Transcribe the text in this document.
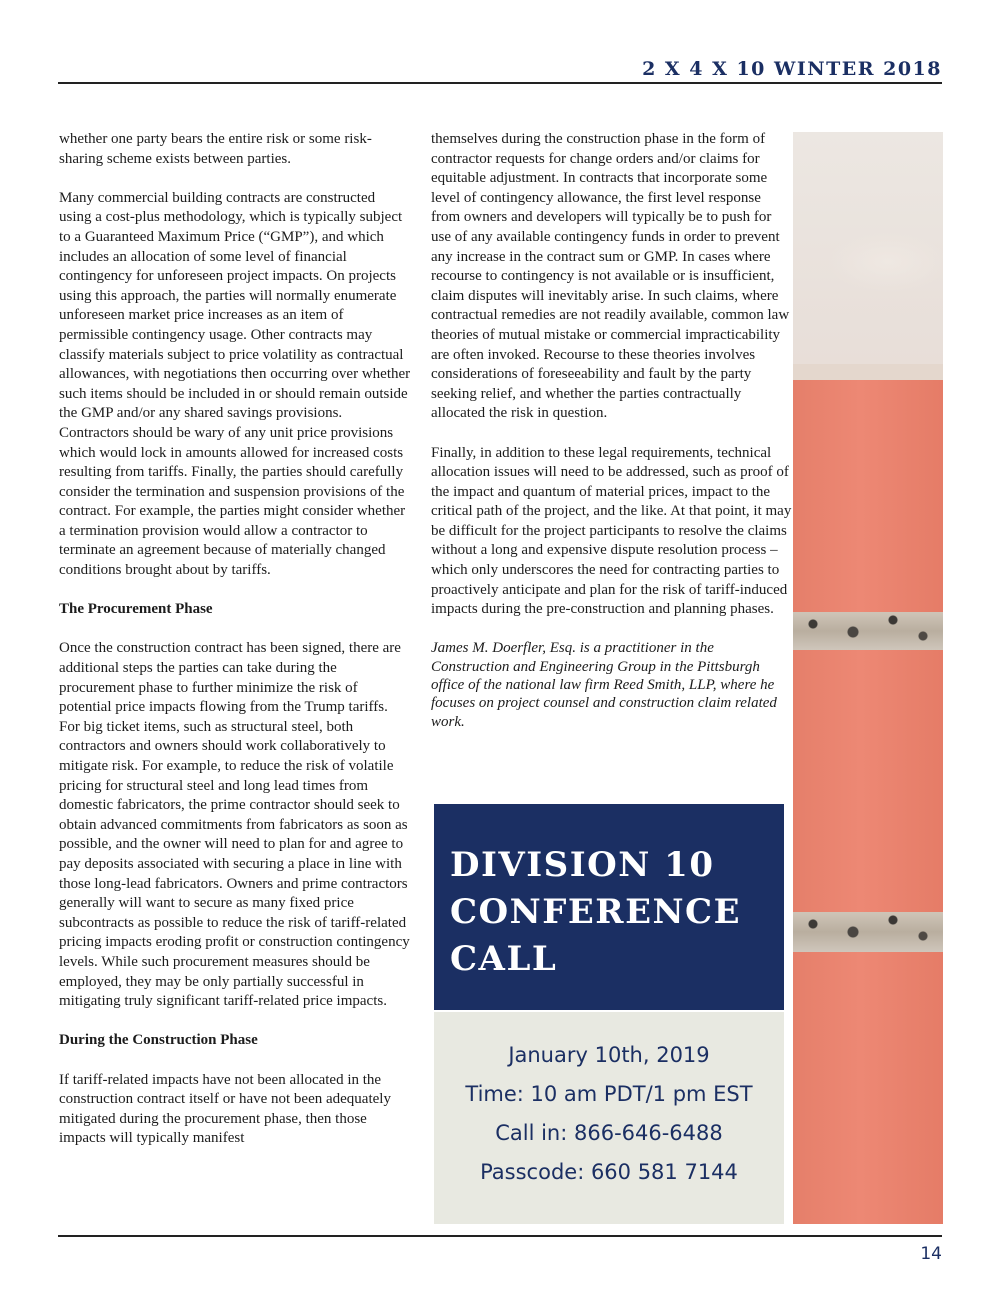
2 X 4 X 10 WINTER 2018

whether one party bears the entire risk or some risk-sharing scheme exists between parties.

Many commercial building contracts are constructed using a cost-plus methodology, which is typically subject to a Guaranteed Maximum Price (“GMP”), and which includes an allocation of some level of financial contingency for unforeseen project impacts. On projects using this approach, the parties will normally enumerate unforeseen market price increases as an item of permissible contingency usage. Other contracts may classify materials subject to price volatility as contractual allowances, with negotiations then occurring over whether such items should be included in or should remain outside the GMP and/or any shared savings provisions. Contractors should be wary of any unit price provisions which would lock in amounts allowed for increased costs resulting from tariffs. Finally, the parties should carefully consider the termination and suspension provisions of the contract. For example, the parties might consider whether a termination provision would allow a contractor to terminate an agreement because of materially changed conditions brought about by tariffs.

The Procurement Phase

Once the construction contract has been signed, there are additional steps the parties can take during the procurement phase to further minimize the risk of potential price impacts flowing from the Trump tariffs. For big ticket items, such as structural steel, both contractors and owners should work collaboratively to mitigate risk. For example, to reduce the risk of volatile pricing for structural steel and long lead times from domestic fabricators, the prime contractor should seek to obtain advanced commitments from fabricators as soon as possible, and the owner will need to plan for and agree to pay deposits associated with securing a place in line with those long-lead fabricators. Owners and prime contractors generally will want to secure as many fixed price subcontracts as possible to reduce the risk of tariff-related pricing impacts eroding profit or construction contingency levels. While such procurement measures should be employed, they may be only partially successful in mitigating truly significant tariff-related price impacts.

During the Construction Phase

If tariff-related impacts have not been allocated in the construction contract itself or have not been adequately mitigated during the procurement phase, then those impacts will typically manifest

themselves during the construction phase in the form of contractor requests for change orders and/or claims for equitable adjustment. In contracts that incorporate some level of contingency allowance, the first level response from owners and developers will typically be to push for use of any available contingency funds in order to prevent any increase in the contract sum or GMP. In cases where recourse to contingency is not available or is insufficient, claim disputes will inevitably arise. In such claims, where contractual remedies are not readily available, common law theories of mutual mistake or commercial impracticability are often invoked. Recourse to these theories involves considerations of foreseeability and fault by the party seeking relief, and whether the parties contractually allocated the risk in question.

Finally, in addition to these legal requirements, technical allocation issues will need to be addressed, such as proof of the impact and quantum of material prices, impact to the critical path of the project, and the like. At that point, it may be difficult for the project participants to resolve the claims without a long and expensive dispute resolution process – which only underscores the need for contracting parties to proactively anticipate and plan for the risk of tariff-induced impacts during the pre-construction and planning phases.

James M. Doerfler, Esq. is a practitioner in the Construction and Engineering Group in the Pittsburgh office of the national law firm Reed Smith, LLP, where he focuses on project counsel and construction claim related work.

DIVISION 10 CONFERENCE CALL
January 10th, 2019
Time: 10 am PDT/1 pm EST
Call in: 866-646-6488
Passcode: 660 581 7144
14
